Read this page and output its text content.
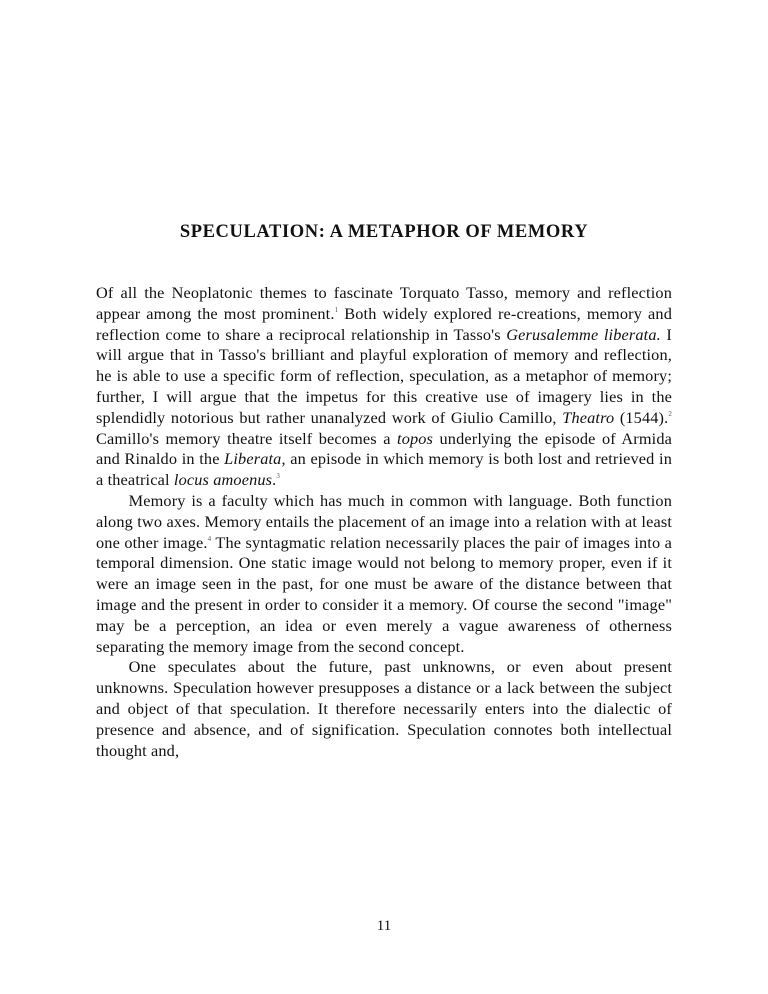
SPECULATION: A METAPHOR OF MEMORY

Of all the Neoplatonic themes to fascinate Torquato Tasso, memory and reflection appear among the most prominent.$^1$ Both widely explored re-creations, memory and reflection come to share a reciprocal relationship in Tasso's Gerusalemme liberata. I will argue that in Tasso's brilliant and playful exploration of memory and reflection, he is able to use a specific form of reflection, speculation, as a metaphor of memory; further, I will argue that the impetus for this creative use of imagery lies in the splendidly notorious but rather unanalyzed work of Giulio Camillo, Theatro (1544).$^2$ Camillo's memory theatre itself becomes a topos underlying the episode of Armida and Rinaldo in the Liberata, an episode in which memory is both lost and retrieved in a theatrical locus amoenus.$^3$

Memory is a faculty which has much in common with language. Both function along two axes. Memory entails the placement of an image into a relation with at least one other image.$^4$ The syntagmatic relation necessarily places the pair of images into a temporal dimension. One static image would not belong to memory proper, even if it were an image seen in the past, for one must be aware of the distance between that image and the present in order to consider it a memory. Of course the second "image" may be a perception, an idea or even merely a vague awareness of otherness separating the memory image from the second concept.

One speculates about the future, past unknowns, or even about present unknowns. Speculation however presupposes a distance or a lack between the subject and object of that speculation. It therefore necessarily enters into the dialectic of presence and absence, and of signification. Speculation connotes both intellectual thought and,

11
